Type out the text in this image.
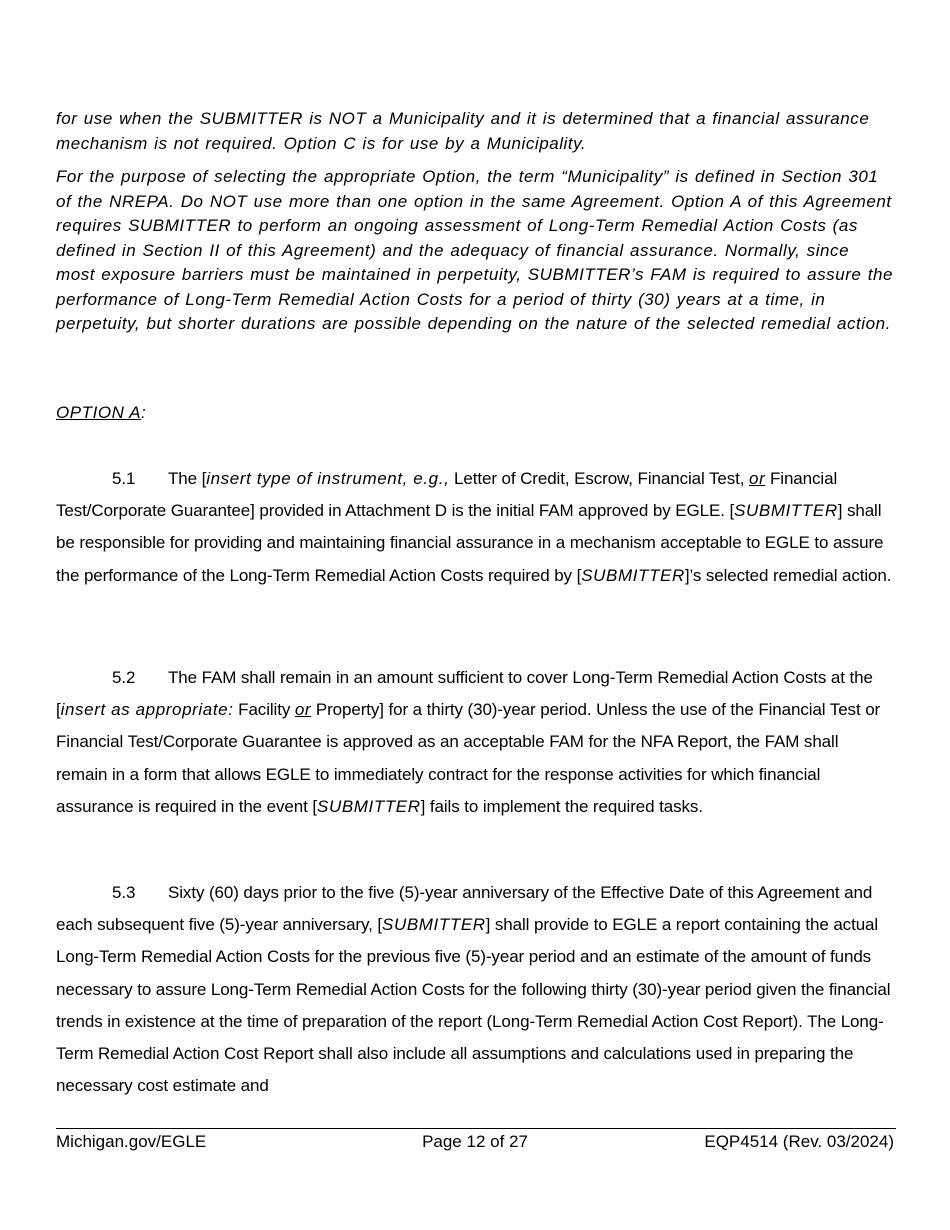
for use when the SUBMITTER is NOT a Municipality and it is determined that a financial assurance mechanism is not required. Option C is for use by a Municipality.
For the purpose of selecting the appropriate Option, the term “Municipality” is defined in Section 301 of the NREPA. Do NOT use more than one option in the same Agreement. Option A of this Agreement requires SUBMITTER to perform an ongoing assessment of Long-Term Remedial Action Costs (as defined in Section II of this Agreement) and the adequacy of financial assurance. Normally, since most exposure barriers must be maintained in perpetuity, SUBMITTER’s FAM is required to assure the performance of Long-Term Remedial Action Costs for a period of thirty (30) years at a time, in perpetuity, but shorter durations are possible depending on the nature of the selected remedial action.
OPTION A:
5.1 The [insert type of instrument, e.g., Letter of Credit, Escrow, Financial Test, or Financial Test/Corporate Guarantee] provided in Attachment D is the initial FAM approved by EGLE. [SUBMITTER] shall be responsible for providing and maintaining financial assurance in a mechanism acceptable to EGLE to assure the performance of the Long-Term Remedial Action Costs required by [SUBMITTER]’s selected remedial action.
5.2 The FAM shall remain in an amount sufficient to cover Long-Term Remedial Action Costs at the [insert as appropriate: Facility or Property] for a thirty (30)-year period. Unless the use of the Financial Test or Financial Test/Corporate Guarantee is approved as an acceptable FAM for the NFA Report, the FAM shall remain in a form that allows EGLE to immediately contract for the response activities for which financial assurance is required in the event [SUBMITTER] fails to implement the required tasks.
5.3 Sixty (60) days prior to the five (5)-year anniversary of the Effective Date of this Agreement and each subsequent five (5)-year anniversary, [SUBMITTER] shall provide to EGLE a report containing the actual Long-Term Remedial Action Costs for the previous five (5)-year period and an estimate of the amount of funds necessary to assure Long-Term Remedial Action Costs for the following thirty (30)-year period given the financial trends in existence at the time of preparation of the report (Long-Term Remedial Action Cost Report). The Long-Term Remedial Action Cost Report shall also include all assumptions and calculations used in preparing the necessary cost estimate and
Michigan.gov/EGLE	Page 12 of 27	EQP4514 (Rev. 03/2024)
